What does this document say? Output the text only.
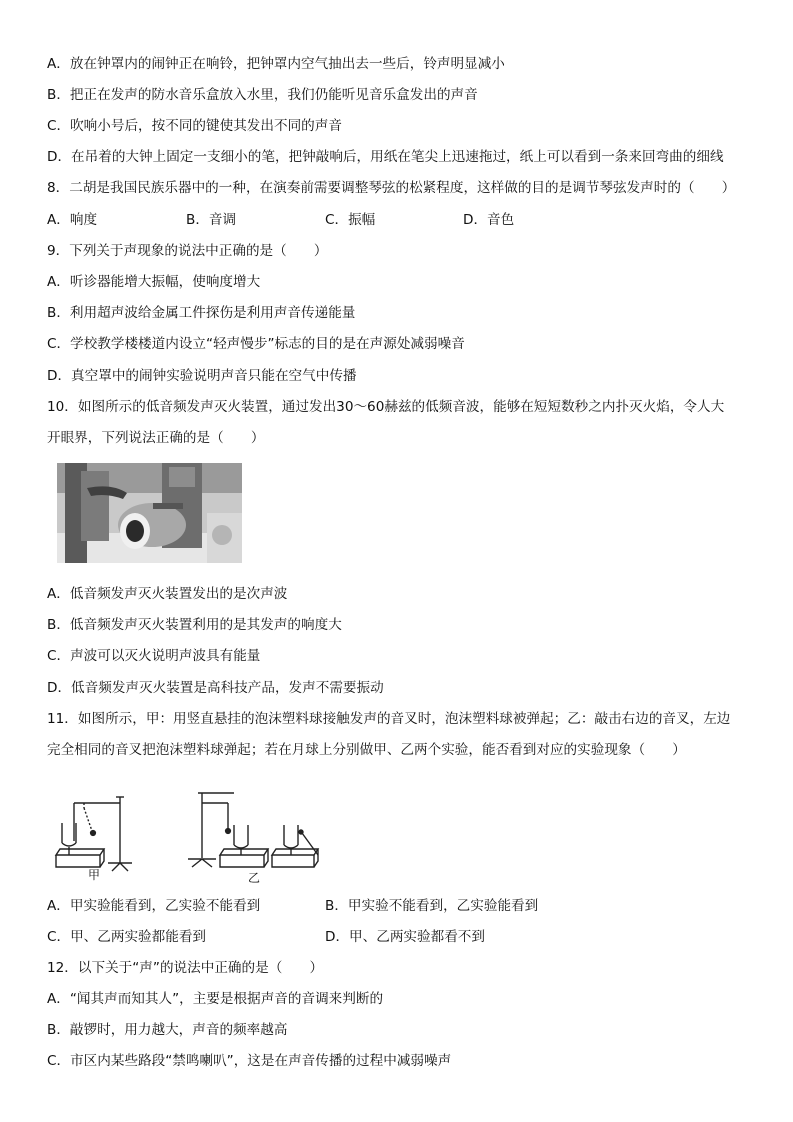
A．放在钟罩内的闹钟正在响铃，把钟罩内空气抽出去一些后，铃声明显减小
B．把正在发声的防水音乐盒放入水里，我们仍能听见音乐盒发出的声音
C．吹响小号后，按不同的键使其发出不同的声音
D．在吊着的大钟上固定一支细小的笔，把钟敲响后，用纸在笔尖上迅速拖过，纸上可以看到一条来回弯曲的细线
8．二胡是我国民族乐器中的一种，在演奏前需要调整琴弦的松紧程度，这样做的目的是调节琴弦发声时的（　　）
A．响度	B．音调	C．振幅	D．音色
9．下列关于声现象的说法中正确的是（　　）
A．听诊器能增大振幅，使响度增大
B．利用超声波给金属工件探伤是利用声音传递能量
C．学校教学楼楼道内设立“轻声慢步”标志的目的是在声源处减弱噪音
D．真空罩中的闹钟实验说明声音只能在空气中传播
10．如图所示的低音频发声灭火装置，通过发出30～60赫兹的低频音波，能够在短短数秒之内扑灭火焰，令人大
开眼界，下列说法正确的是（　　）
A．低音频发声灭火装置发出的是次声波
B．低音频发声灭火装置利用的是其发声的响度大
C．声波可以灭火说明声波具有能量
D．低音频发声灭火装置是高科技产品，发声不需要振动
11．如图所示，甲：用竖直悬挂的泡沫塑料球接触发声的音叉时，泡沫塑料球被弹起；乙：敲击右边的音叉，左边
完全相同的音叉把泡沫塑料球弹起；若在月球上分别做甲、乙两个实验，能否看到对应的实验现象（　　）
甲	乙
A．甲实验能看到，乙实验不能看到	B．甲实验不能看到，乙实验能看到
C．甲、乙两实验都能看到	D．甲、乙两实验都看不到
12．以下关于“声”的说法中正确的是（　　）
A．“闻其声而知其人”，主要是根据声音的音调来判断的
B．敲锣时，用力越大，声音的频率越高
C．市区内某些路段“禁鸣喇叭”，这是在声音传播的过程中减弱噪声
